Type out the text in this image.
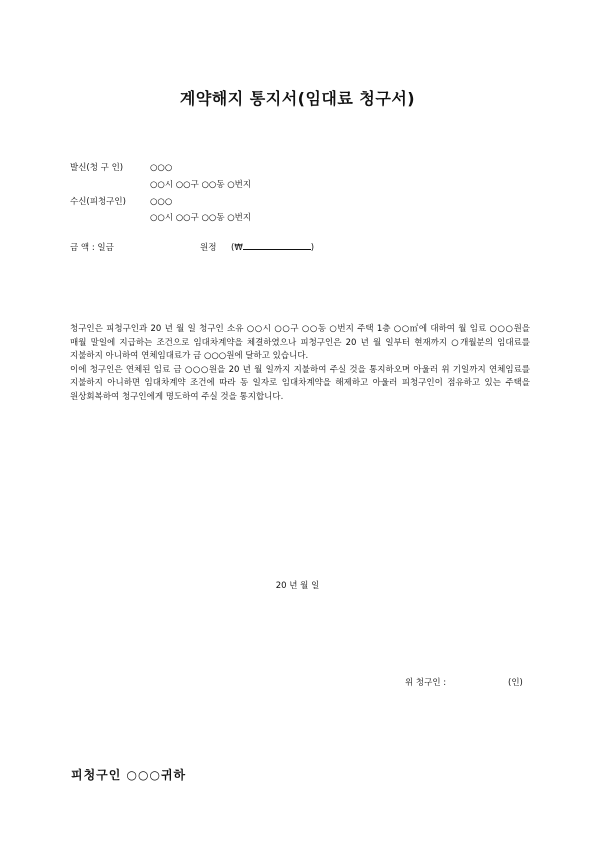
계약해지 통지서(임대료 청구서)
발신(청 구 인)	○○○
○○시 ○○구 ○○동 ○번지
수신(피청구인)	○○○
○○시 ○○구 ○○동 ○번지
금 액 : 일금	원정 (₩	)

청구인은 피청구인과 20 년 월 일 청구인 소유 ○○시 ○○구 ○○동 ○번지 주택 1층 ○○㎡에 대하여 월 임료 ○○○원을 매월 말일에 지급하는 조건으로 임대차계약을 체결하였으나 피청구인은 20 년 월 일부터 현재까지 ○개월분의 임대료를 지불하지 아니하여 연체임대료가 금 ○○○원에 달하고 있습니다.

이에 청구인은 연체된 임료 금 ○○○원을 20 년 월 일까지 지불하여 주실 것을 통지하오며 아울러 위 기일까지 연체임료를 지불하지 아니하면 임대차계약 조건에 따라 동 일자로 임대차계약을 해제하고 아울러 피청구인이 점유하고 있는 주택을 원상회복하여 청구인에게 명도하여 주실 것을 통지합니다.

20 년 월 일
위 청구인 :	(인)
피청구인 ○○○귀하
